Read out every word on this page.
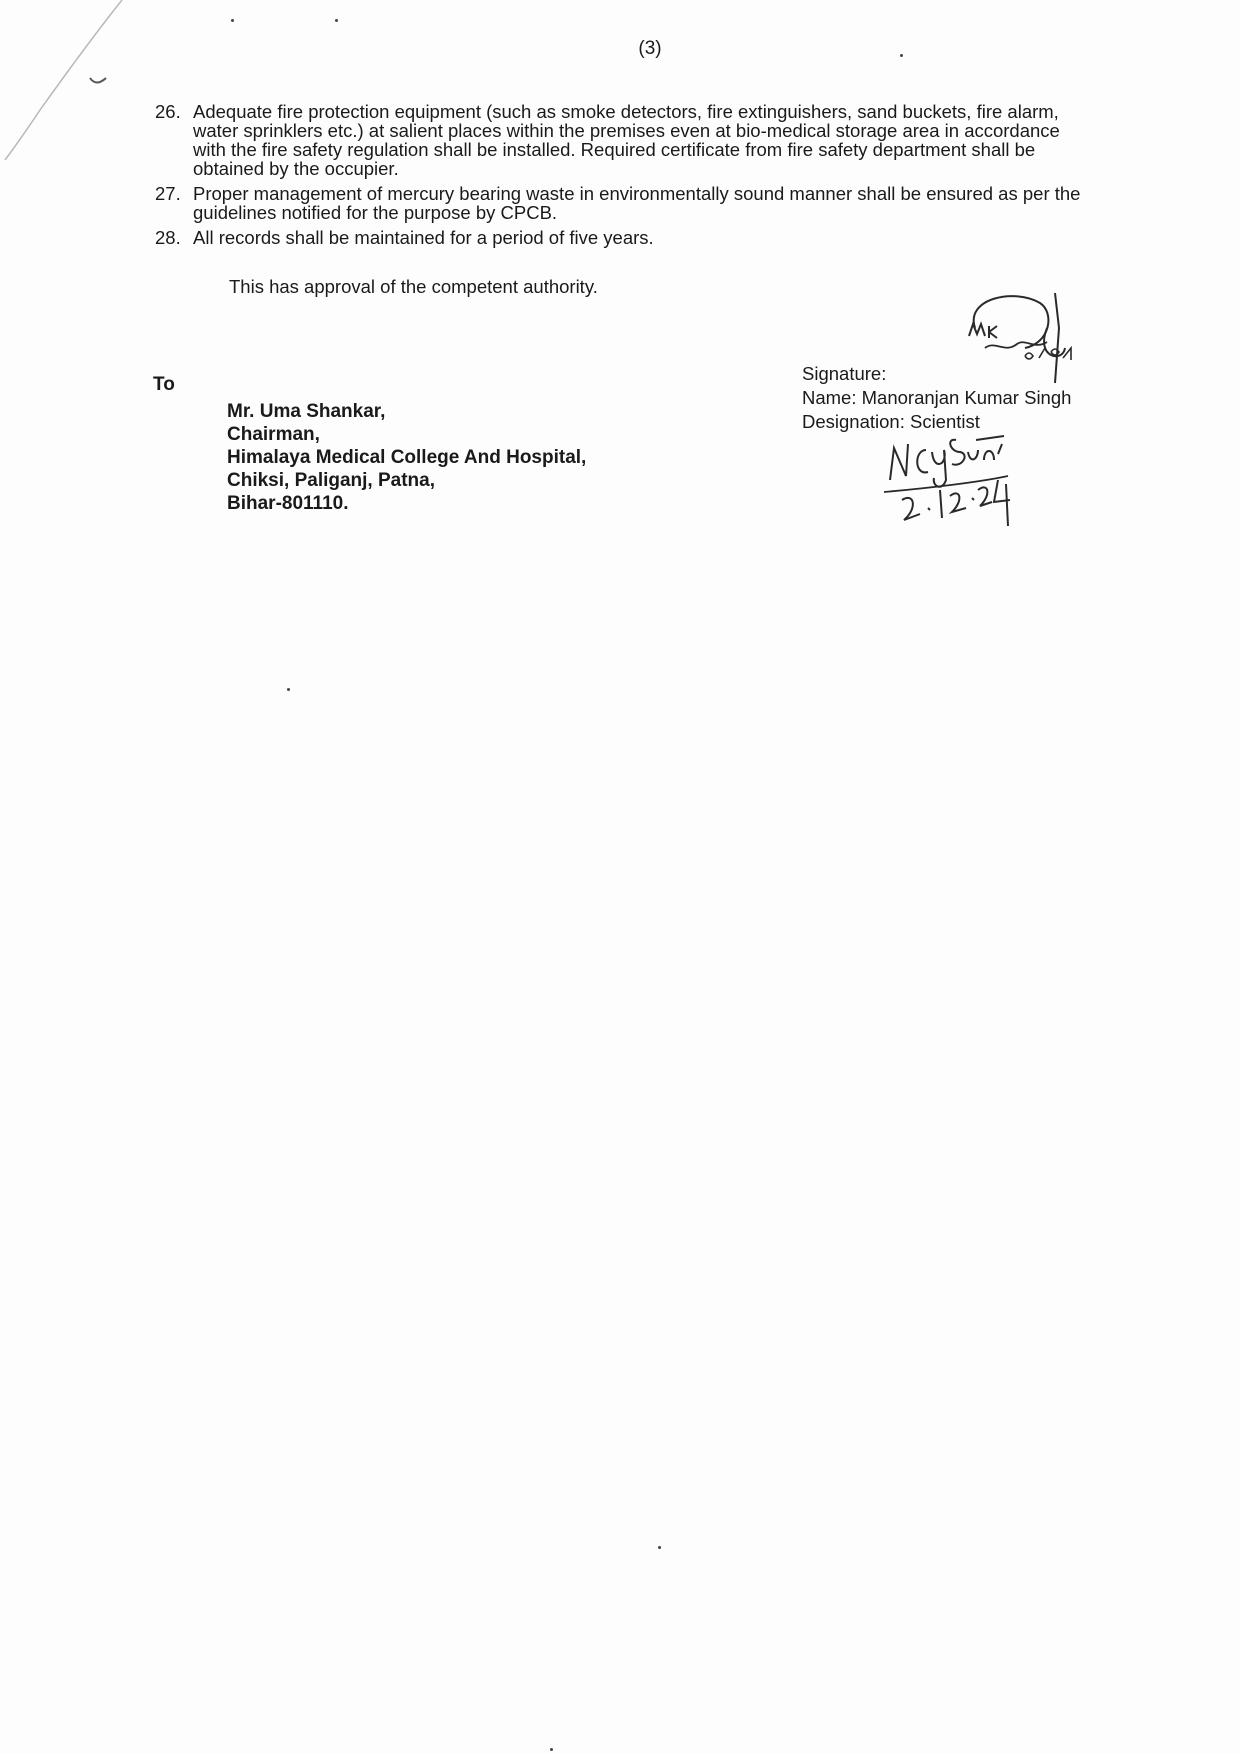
(3)
26. Adequate fire protection equipment (such as smoke detectors, fire extinguishers, sand buckets, fire alarm, water sprinklers etc.) at salient places within the premises even at bio-medical storage area in accordance with the fire safety regulation shall be installed. Required certificate from fire safety department shall be obtained by the occupier.
27. Proper management of mercury bearing waste in environmentally sound manner shall be ensured as per the guidelines notified for the purpose by CPCB.
28. All records shall be maintained for a period of five years.
This has approval of the competent authority.
To
Mr. Uma Shankar,
Chairman,
Himalaya Medical College And Hospital,
Chiksi, Paliganj, Patna,
Bihar-801110.
Signature:
Name: Manoranjan Kumar Singh
Designation: Scientist
